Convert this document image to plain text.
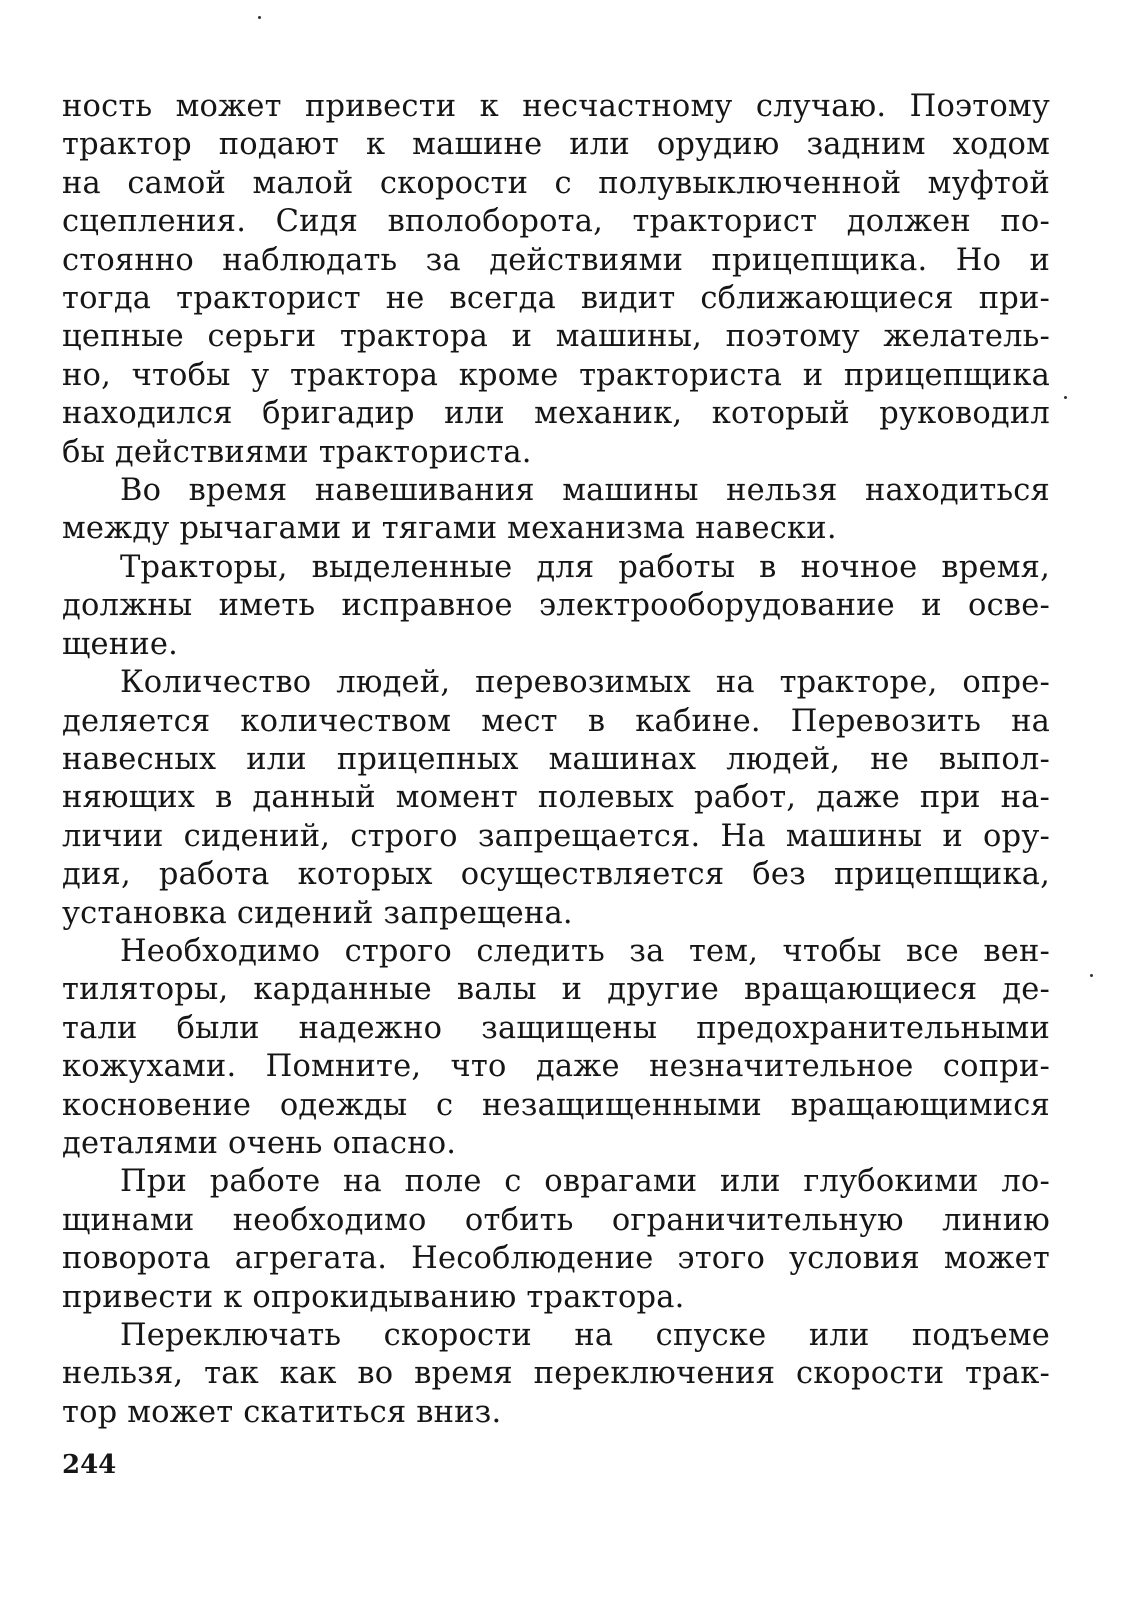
ность может привести к несчастному случаю. Поэтому
трактор подают к машине или орудию задним ходом
на самой малой скорости с полувыключенной муфтой
сцепления. Сидя вполоборота, тракторист должен по-
стоянно наблюдать за действиями прицепщика. Но и
тогда тракторист не всегда видит сближающиеся при-
цепные серьги трактора и машины, поэтому желатель-
но, чтобы у трактора кроме тракториста и прицепщика
находился бригадир или механик, который руководил
бы действиями тракториста.

Во время навешивания машины нельзя находиться
между рычагами и тягами механизма навески.

Тракторы, выделенные для работы в ночное время,
должны иметь исправное электрооборудование и осве-
щение.

Количество людей, перевозимых на тракторе, опре-
деляется количеством мест в кабине. Перевозить на
навесных или прицепных машинах людей, не выпол-
няющих в данный момент полевых работ, даже при на-
личии сидений, строго запрещается. На машины и ору-
дия, работа которых осуществляется без прицепщика,
установка сидений запрещена.

Необходимо строго следить за тем, чтобы все вен-
тиляторы, карданные валы и другие вращающиеся де-
тали были надежно защищены предохранительными
кожухами. Помните, что даже незначительное сопри-
косновение одежды с незащищенными вращающимися
деталями очень опасно.

При работе на поле с оврагами или глубокими ло-
щинами необходимо отбить ограничительную линию
поворота агрегата. Несоблюдение этого условия может
привести к опрокидыванию трактора.

Переключать скорости на спуске или подъеме
нельзя, так как во время переключения скорости трак-
тор может скатиться вниз.

244
